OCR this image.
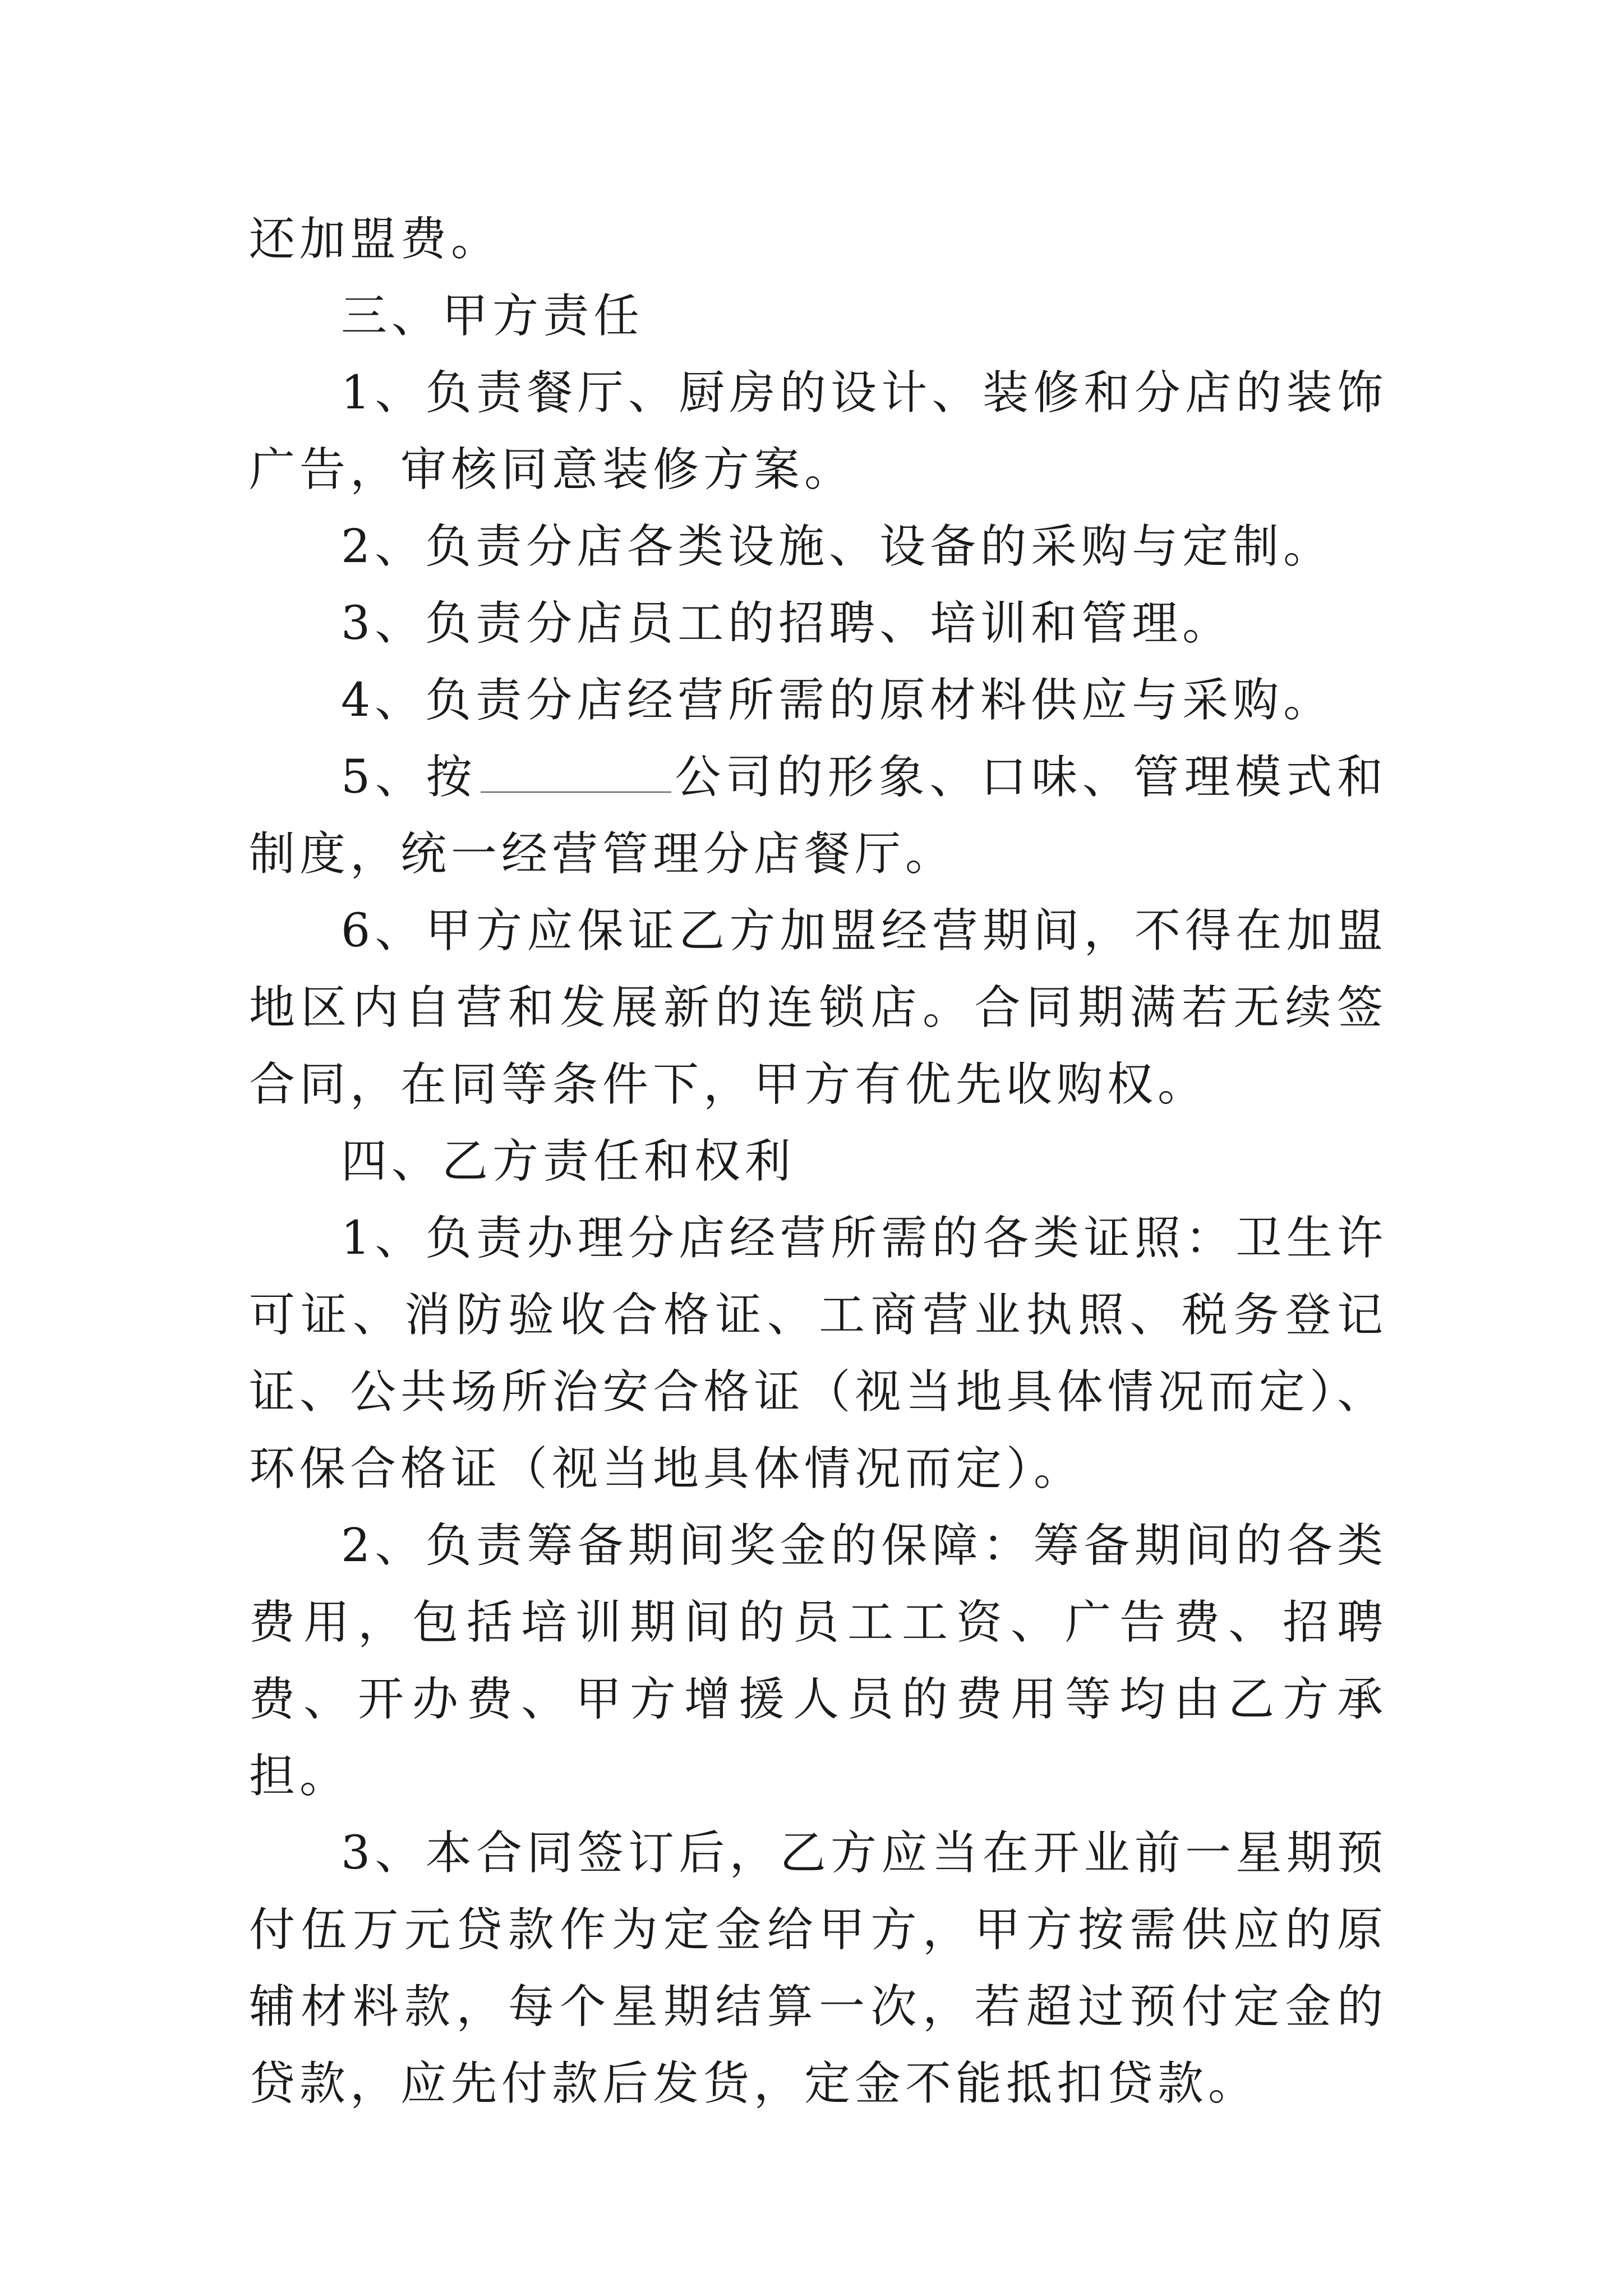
还加盟费。

三、甲方责任

1、负责餐厅、厨房的设计、装修和分店的装饰广告，审核同意装修方案。

2、负责分店各类设施、设备的采购与定制。

3、负责分店员工的招聘、培训和管理。

4、负责分店经营所需的原材料供应与采购。

5、按	公司的形象、口味、管理模式和制度，统一经营管理分店餐厅。

6、甲方应保证乙方加盟经营期间，不得在加盟地区内自营和发展新的连锁店。合同期满若无续签合同，在同等条件下，甲方有优先收购权。

四、乙方责任和权利

1、负责办理分店经营所需的各类证照：卫生许可证、消防验收合格证、工商营业执照、税务登记证、公共场所治安合格证（视当地具体情况而定）、环保合格证（视当地具体情况而定）。

2、负责筹备期间奖金的保障：筹备期间的各类费用，包括培训期间的员工工资、广告费、招聘费、开办费、甲方增援人员的费用等均由乙方承担。

3、本合同签订后，乙方应当在开业前一星期预付伍万元贷款作为定金给甲方，甲方按需供应的原辅材料款，每个星期结算一次，若超过预付定金的贷款，应先付款后发货，定金不能抵扣贷款。
